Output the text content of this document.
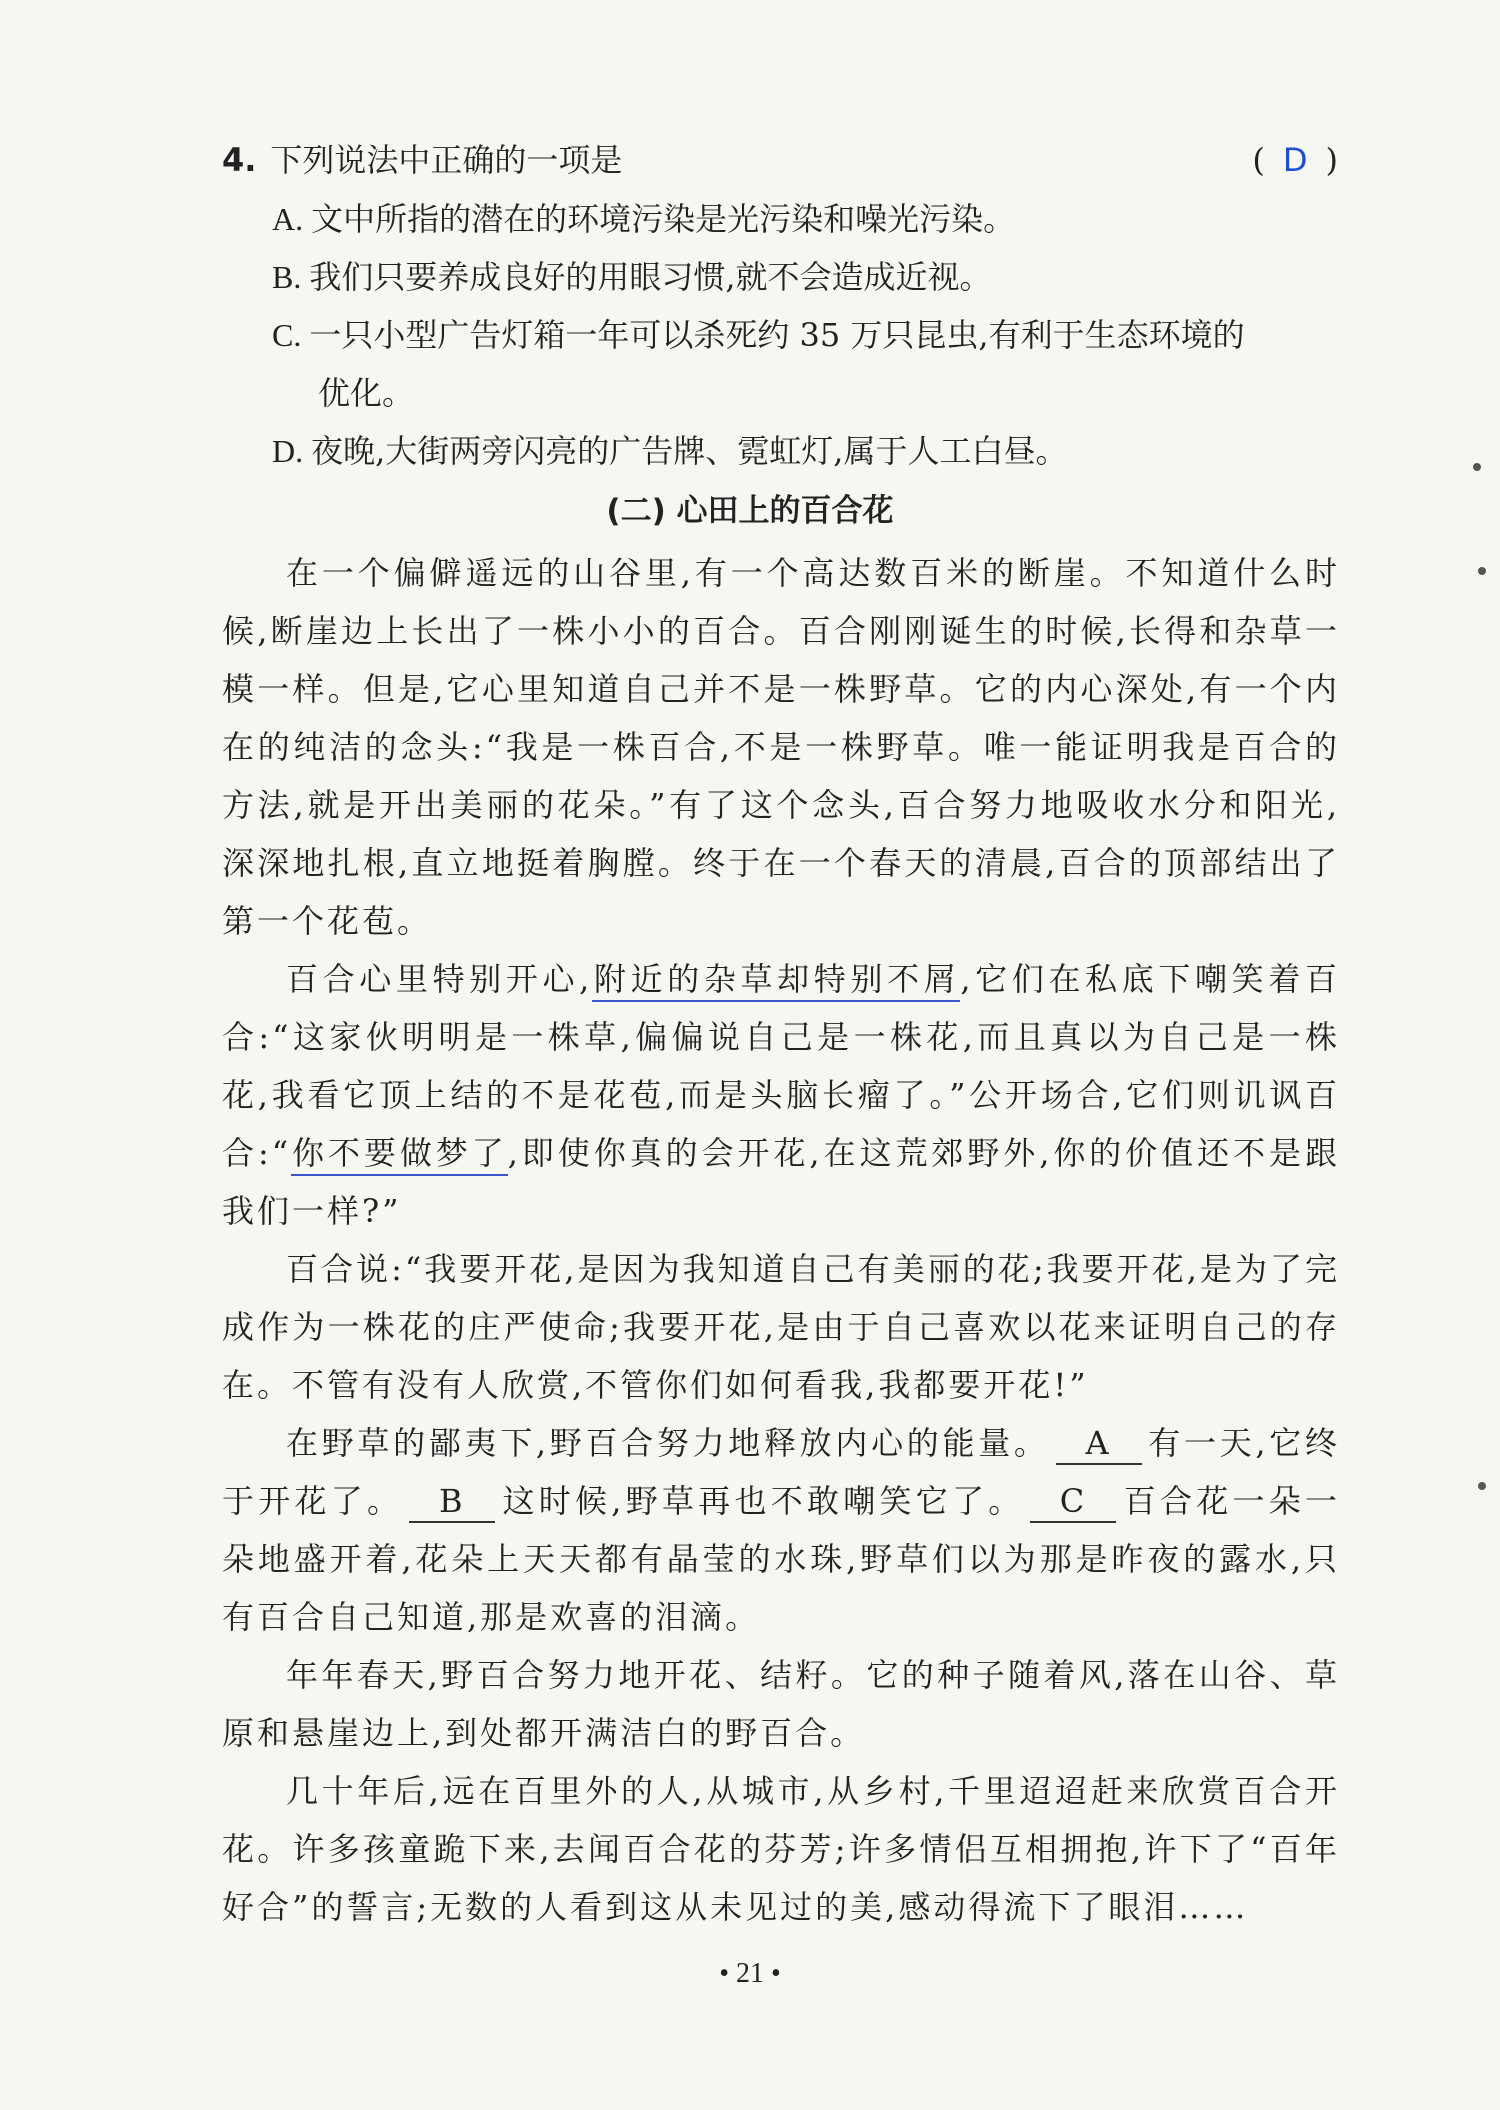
4. 下列说法中正确的一项是	( D )
A. 文中所指的潜在的环境污染是光污染和噪光污染。
B. 我们只要养成良好的用眼习惯,就不会造成近视。
C. 一只小型广告灯箱一年可以杀死约 35 万只昆虫,有利于生态环境的
优化。
D. 夜晚,大街两旁闪亮的广告牌、霓虹灯,属于人工白昼。
(二) 心田上的百合花

在一个偏僻遥远的山谷里,有一个高达数百米的断崖。不知道什么时候,断崖边上长出了一株小小的百合。百合刚刚诞生的时候,长得和杂草一模一样。但是,它心里知道自己并不是一株野草。它的内心深处,有一个内在的纯洁的念头:“我是一株百合,不是一株野草。唯一能证明我是百合的方法,就是开出美丽的花朵。”有了这个念头,百合努力地吸收水分和阳光,深深地扎根,直立地挺着胸膛。终于在一个春天的清晨,百合的顶部结出了第一个花苞。

百合心里特别开心,附近的杂草却特别不屑,它们在私底下嘲笑着百合:“这家伙明明是一株草,偏偏说自己是一株花,而且真以为自己是一株花,我看它顶上结的不是花苞,而是头脑长瘤了。”公开场合,它们则讥讽百合:“你不要做梦了,即使你真的会开花,在这荒郊野外,你的价值还不是跟我们一样?”

百合说:“我要开花,是因为我知道自己有美丽的花;我要开花,是为了完成作为一株花的庄严使命;我要开花,是由于自己喜欢以花来证明自己的存在。不管有没有人欣赏,不管你们如何看我,我都要开花!”

在野草的鄙夷下,野百合努力地释放内心的能量。 A 有一天,它终于开花了。 B 这时候,野草再也不敢嘲笑它了。 C 百合花一朵一朵地盛开着,花朵上天天都有晶莹的水珠,野草们以为那是昨夜的露水,只有百合自己知道,那是欢喜的泪滴。

年年春天,野百合努力地开花、结籽。它的种子随着风,落在山谷、草原和悬崖边上,到处都开满洁白的野百合。

几十年后,远在百里外的人,从城市,从乡村,千里迢迢赶来欣赏百合开花。许多孩童跪下来,去闻百合花的芬芳;许多情侣互相拥抱,许下了“百年好合”的誓言;无数的人看到这从未见过的美,感动得流下了眼泪……

• 21 •
